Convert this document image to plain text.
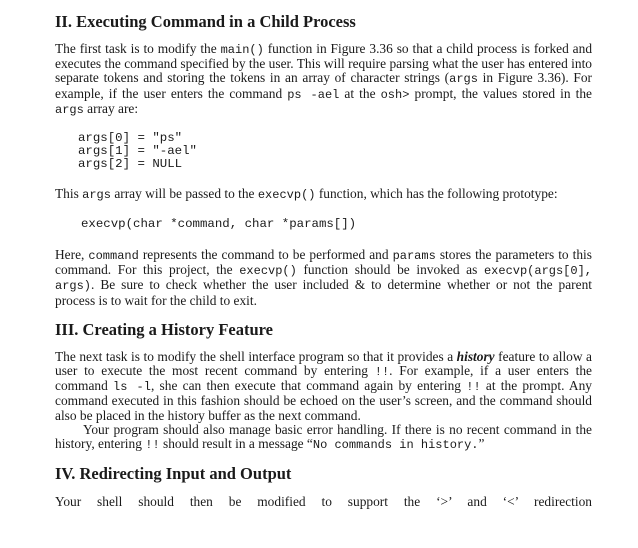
II. Executing Command in a Child Process

The first task is to modify the main() function in Figure 3.36 so that a child process is forked and executes the command specified by the user. This will require parsing what the user has entered into separate tokens and storing the tokens in an array of character strings (args in Figure 3.36). For example, if the user enters the command ps -ael at the osh> prompt, the values stored in the args array are:

args[0] = "ps"
args[1] = "-ael"
args[2] = NULL

This args array will be passed to the execvp() function, which has the following prototype:

execvp(char *command, char *params[])

Here, command represents the command to be performed and params stores the parameters to this command. For this project, the execvp() function should be invoked as execvp(args[0], args). Be sure to check whether the user included & to determine whether or not the parent process is to wait for the child to exit.

III. Creating a History Feature

The next task is to modify the shell interface program so that it provides a history feature to allow a user to execute the most recent command by entering !!. For example, if a user enters the command ls -l, she can then execute that command again by entering !! at the prompt. Any command executed in this fashion should be echoed on the user’s screen, and the command should also be placed in the history buffer as the next command.

Your program should also manage basic error handling. If there is no recent command in the history, entering !! should result in a message “No commands in history.”

IV. Redirecting Input and Output

Your shell should then be modified to support the ‘>’ and ‘<’ redirection
